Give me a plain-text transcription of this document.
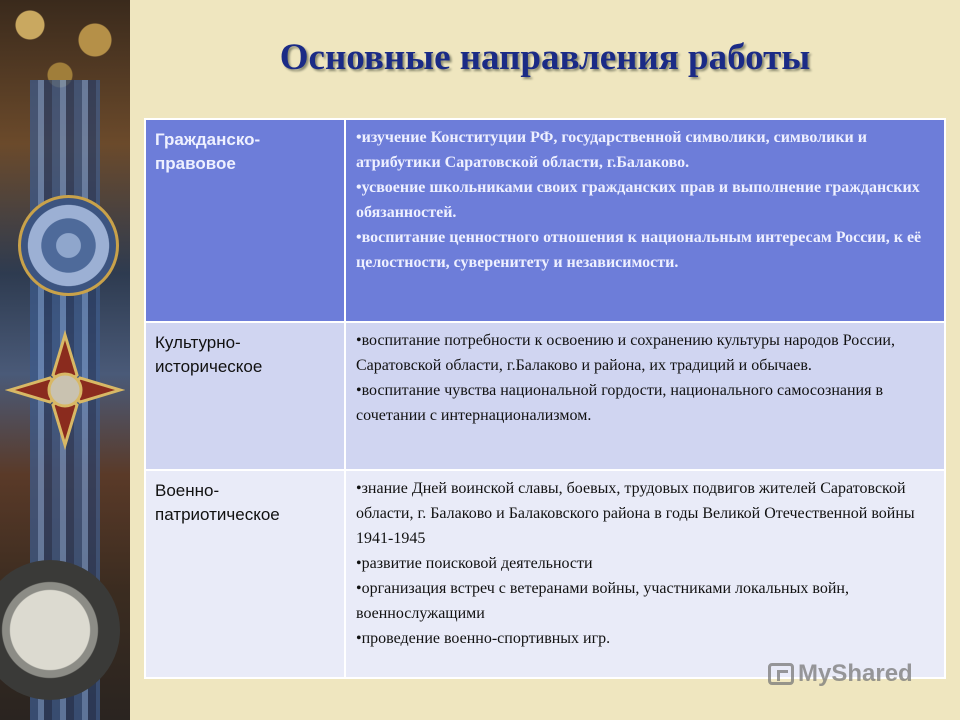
Основные направления работы
Гражданско-правовое	•изучение Конституции РФ, государственной символики, символики и атрибутики Саратовской области, г.Балаково.

•усвоение школьниками своих гражданских прав и выполнение гражданских обязанностей.

•воспитание ценностного отношения к национальным интересам России, к её целостности, суверенитету и независимости.

Культурно-историческое	•воспитание потребности к освоению и сохранению культуры народов России, Саратовской области, г.Балаково и района, их традиций и обычаев.

•воспитание чувства национальной гордости, национального самосознания в сочетании с интернационализмом.

Военно-патриотическое	•знание Дней воинской славы, боевых, трудовых подвигов жителей Саратовской области, г. Балаково и Балаковского района в годы Великой Отечественной войны 1941-1945

•развитие поисковой деятельности

•организация встреч с ветеранами войны, участниками локальных войн, военнослужащими

•проведение военно-спортивных игр.

MyShared
